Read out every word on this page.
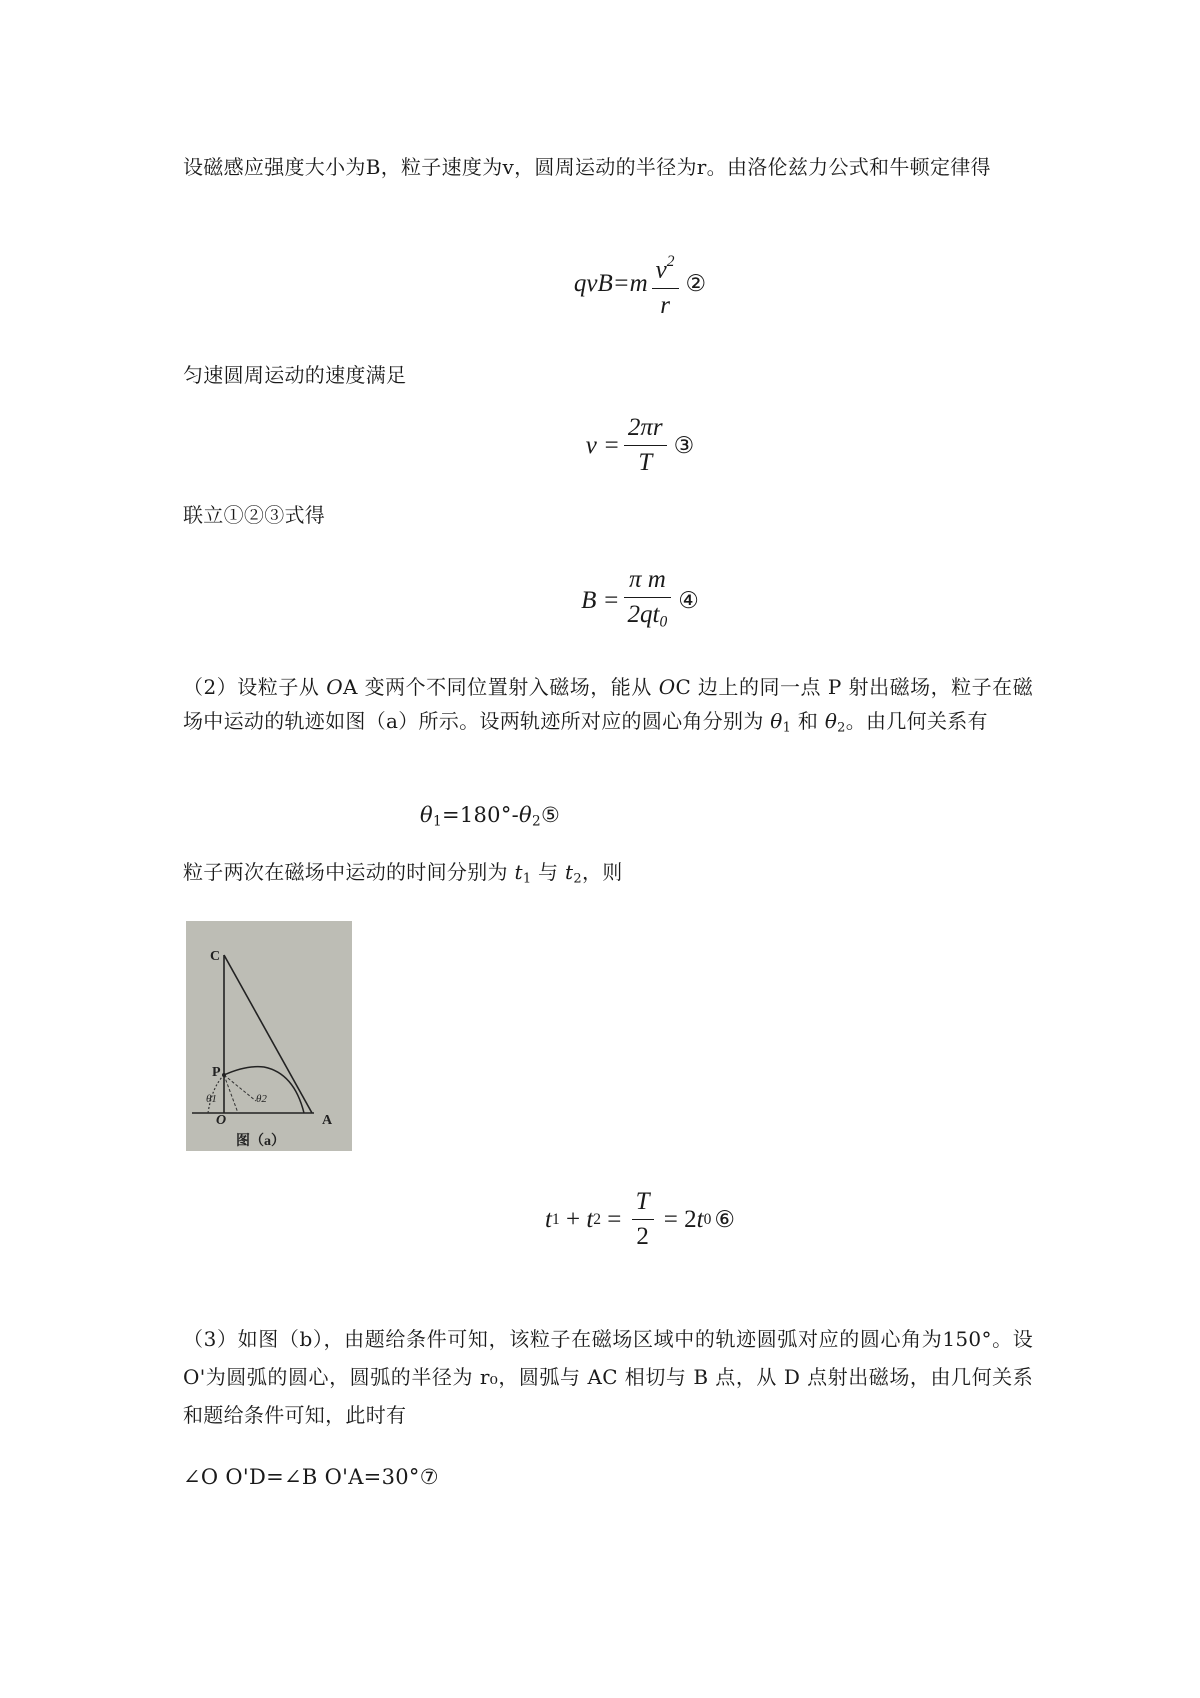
设磁感应强度大小为B，粒子速度为v，圆周运动的半径为r。由洛伦兹力公式和牛顿定律得
$qvB=m \frac{v^2}{r}$ ②
匀速圆周运动的速度满足
$v = \frac{2\pi r}{T}$ ③
联立①②③式得
$B = \frac{\text{π m}}{2qt_0}$ ④
（2）设粒子从 OA 变两个不同位置射入磁场，能从 OC 边上的同一点 P 射出磁场，粒子在磁场中运动的轨迹如图（a）所示。设两轨迹所对应的圆心角分别为 θ1 和 θ2。由几何关系有
θ1=180°-θ2⑤
粒子两次在磁场中运动的时间分别为 t1 与 t2，则
C
P
O	A
θ1	θ2
图（a）
t 1 + t $2 = \frac{T}{2} = 2$ t 0 ⑥
（3）如图（b），由题给条件可知，该粒子在磁场区域中的轨迹圆弧对应的圆心角为150°。设 O'为圆弧的圆心，圆弧的半径为 r₀，圆弧与 AC 相切与 B 点，从 D 点射出磁场，由几何关系和题给条件可知，此时有
∠O O'D=∠B O'A=30°⑦
